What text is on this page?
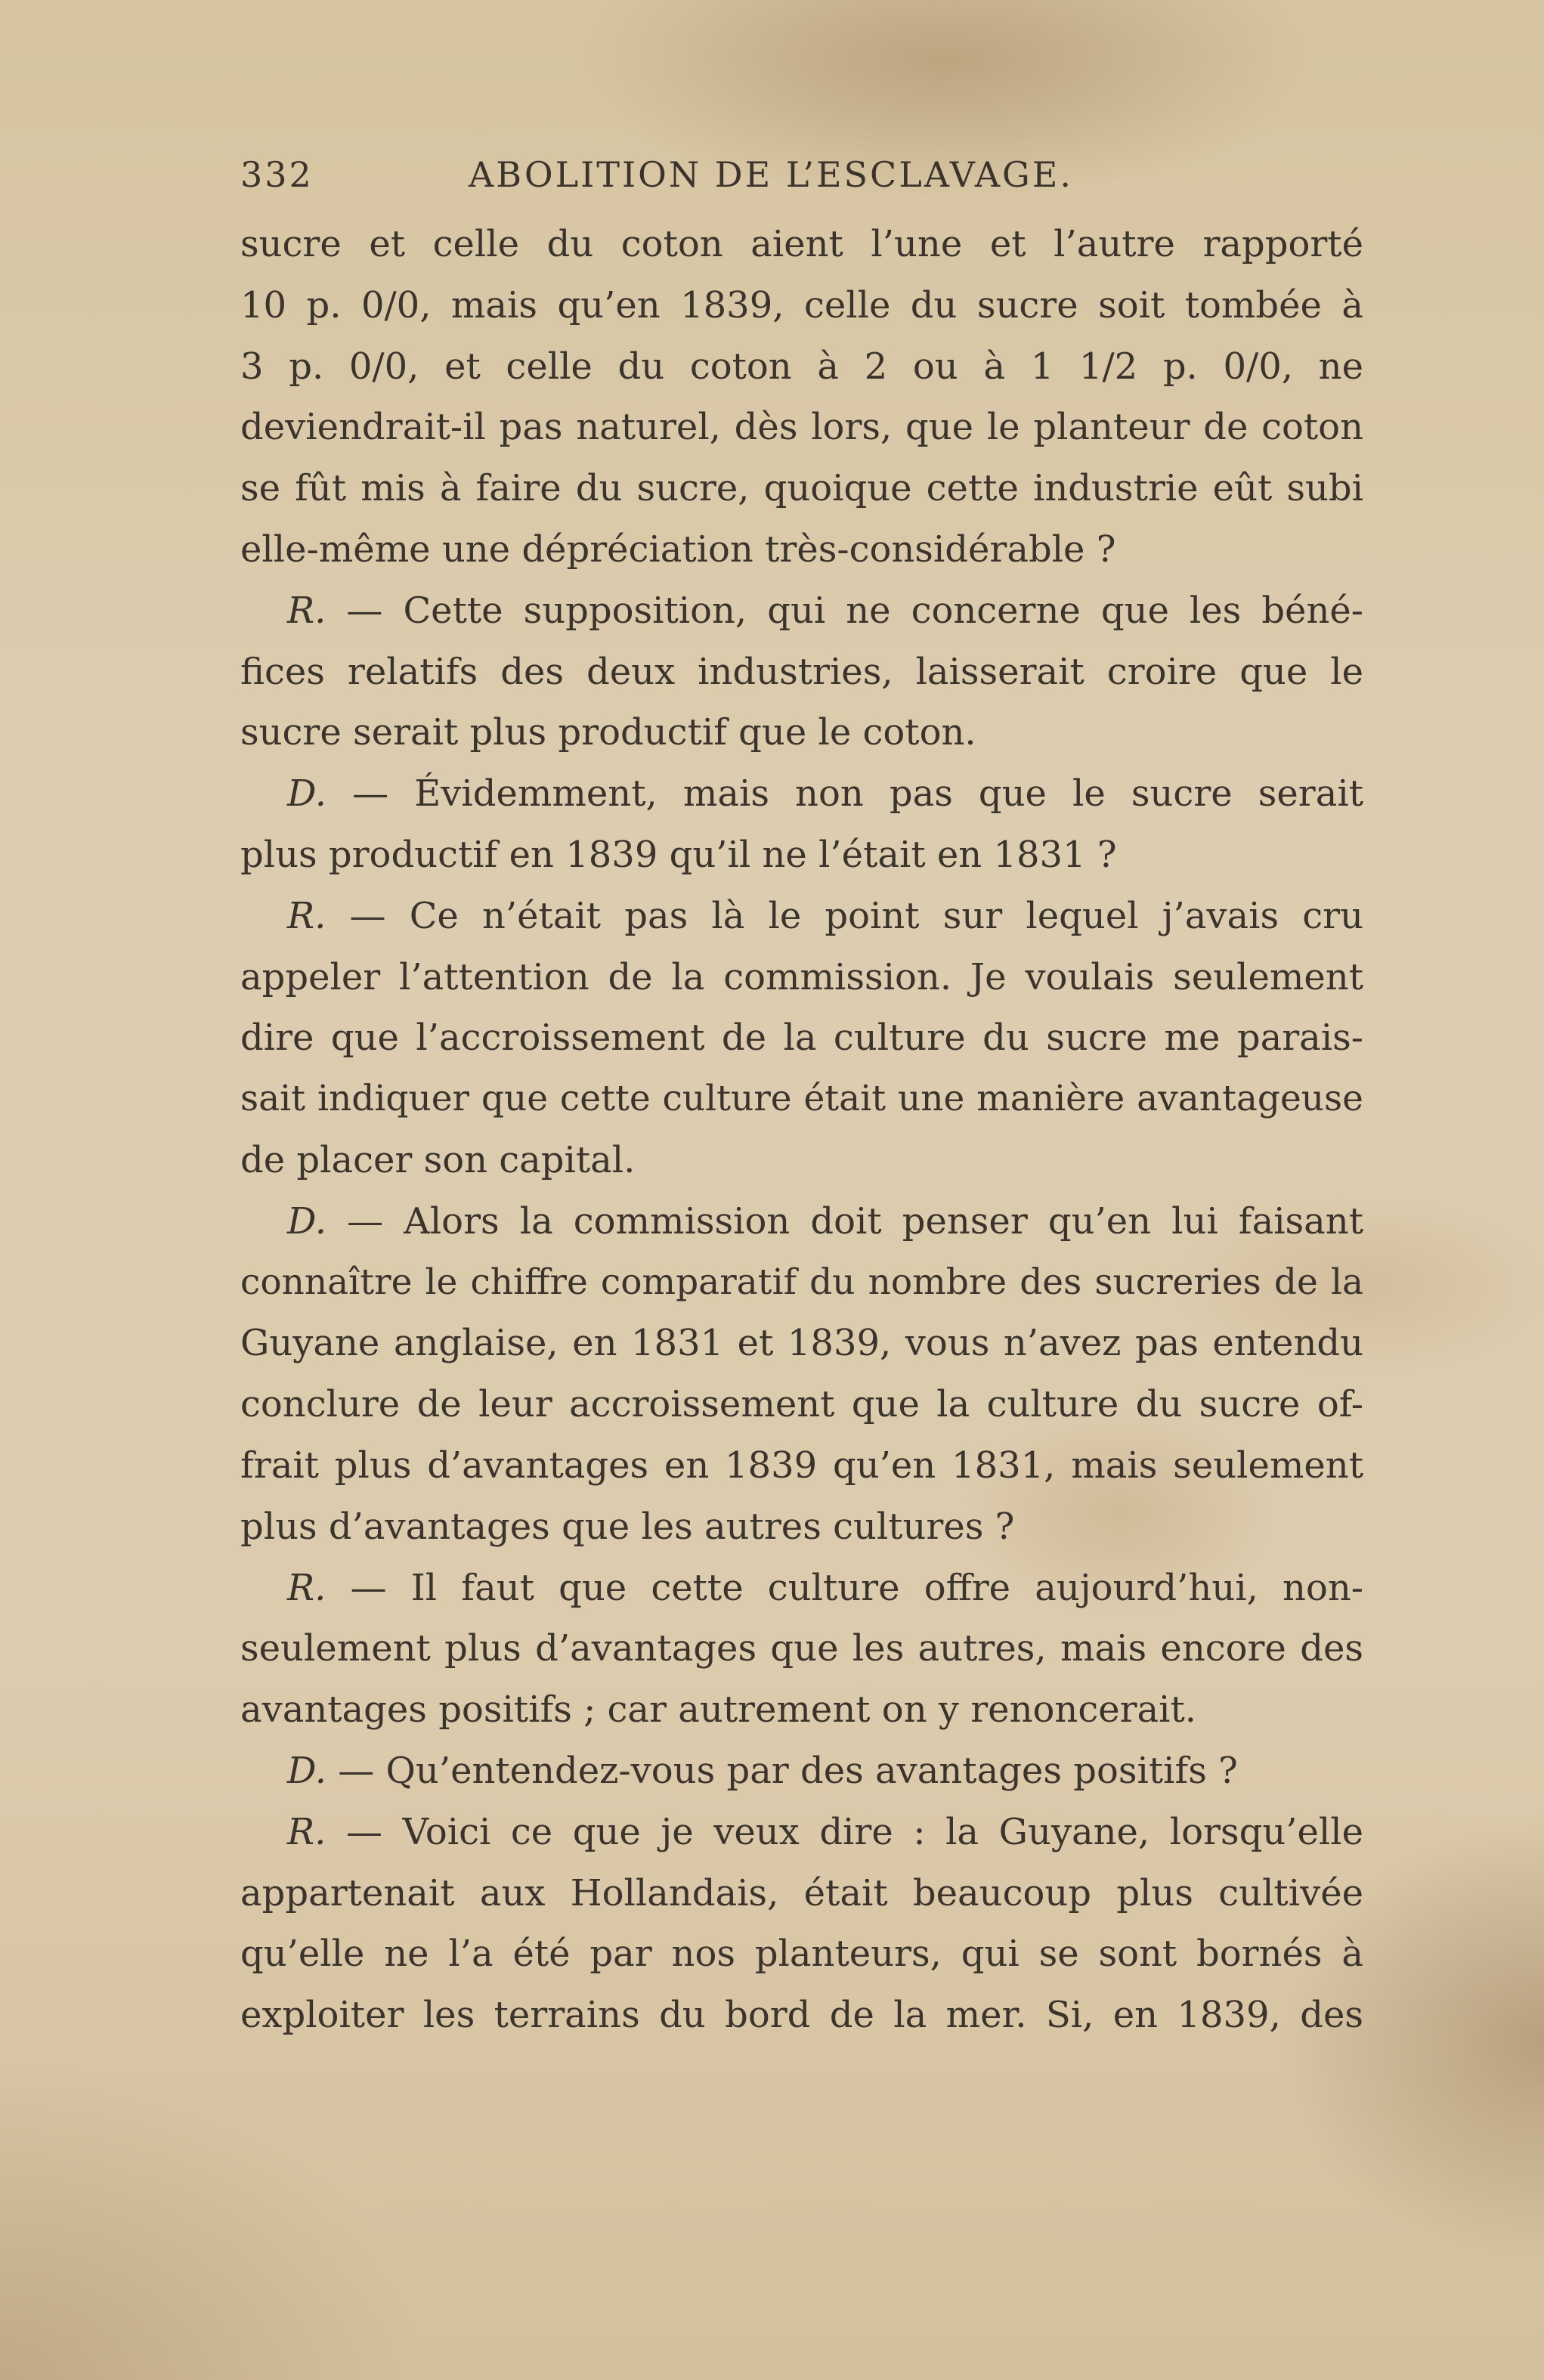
332	ABOLITION DE L’ESCLAVAGE.
sucre et celle du coton aient l’une et l’autre rapporté
10 p. 0/0, mais qu’en 1839, celle du sucre soit tombée à
3 p. 0/0, et celle du coton à 2 ou à 1 1/2 p. 0/0, ne
deviendrait-il pas naturel, dès lors, que le planteur de coton
se fût mis à faire du sucre, quoique cette industrie eût subi
elle-même une dépréciation très-considérable ?
R. — Cette supposition, qui ne concerne que les béné-
fices relatifs des deux industries, laisserait croire que le
sucre serait plus productif que le coton.
D. — Évidemment, mais non pas que le sucre serait
plus productif en 1839 qu’il ne l’était en 1831 ?
R. — Ce n’était pas là le point sur lequel j’avais cru
appeler l’attention de la commission. Je voulais seulement
dire que l’accroissement de la culture du sucre me parais-
sait indiquer que cette culture était une manière avantageuse
de placer son capital.
D. — Alors la commission doit penser qu’en lui faisant
connaître le chiffre comparatif du nombre des sucreries de la
Guyane anglaise, en 1831 et 1839, vous n’avez pas entendu
conclure de leur accroissement que la culture du sucre of-
frait plus d’avantages en 1839 qu’en 1831, mais seulement
plus d’avantages que les autres cultures ?
R. — Il faut que cette culture offre aujourd’hui, non-
seulement plus d’avantages que les autres, mais encore des
avantages positifs ; car autrement on y renoncerait.
D. — Qu’entendez-vous par des avantages positifs ?
R. — Voici ce que je veux dire : la Guyane, lorsqu’elle
appartenait aux Hollandais, était beaucoup plus cultivée
qu’elle ne l’a été par nos planteurs, qui se sont bornés à
exploiter les terrains du bord de la mer. Si, en 1839, des
